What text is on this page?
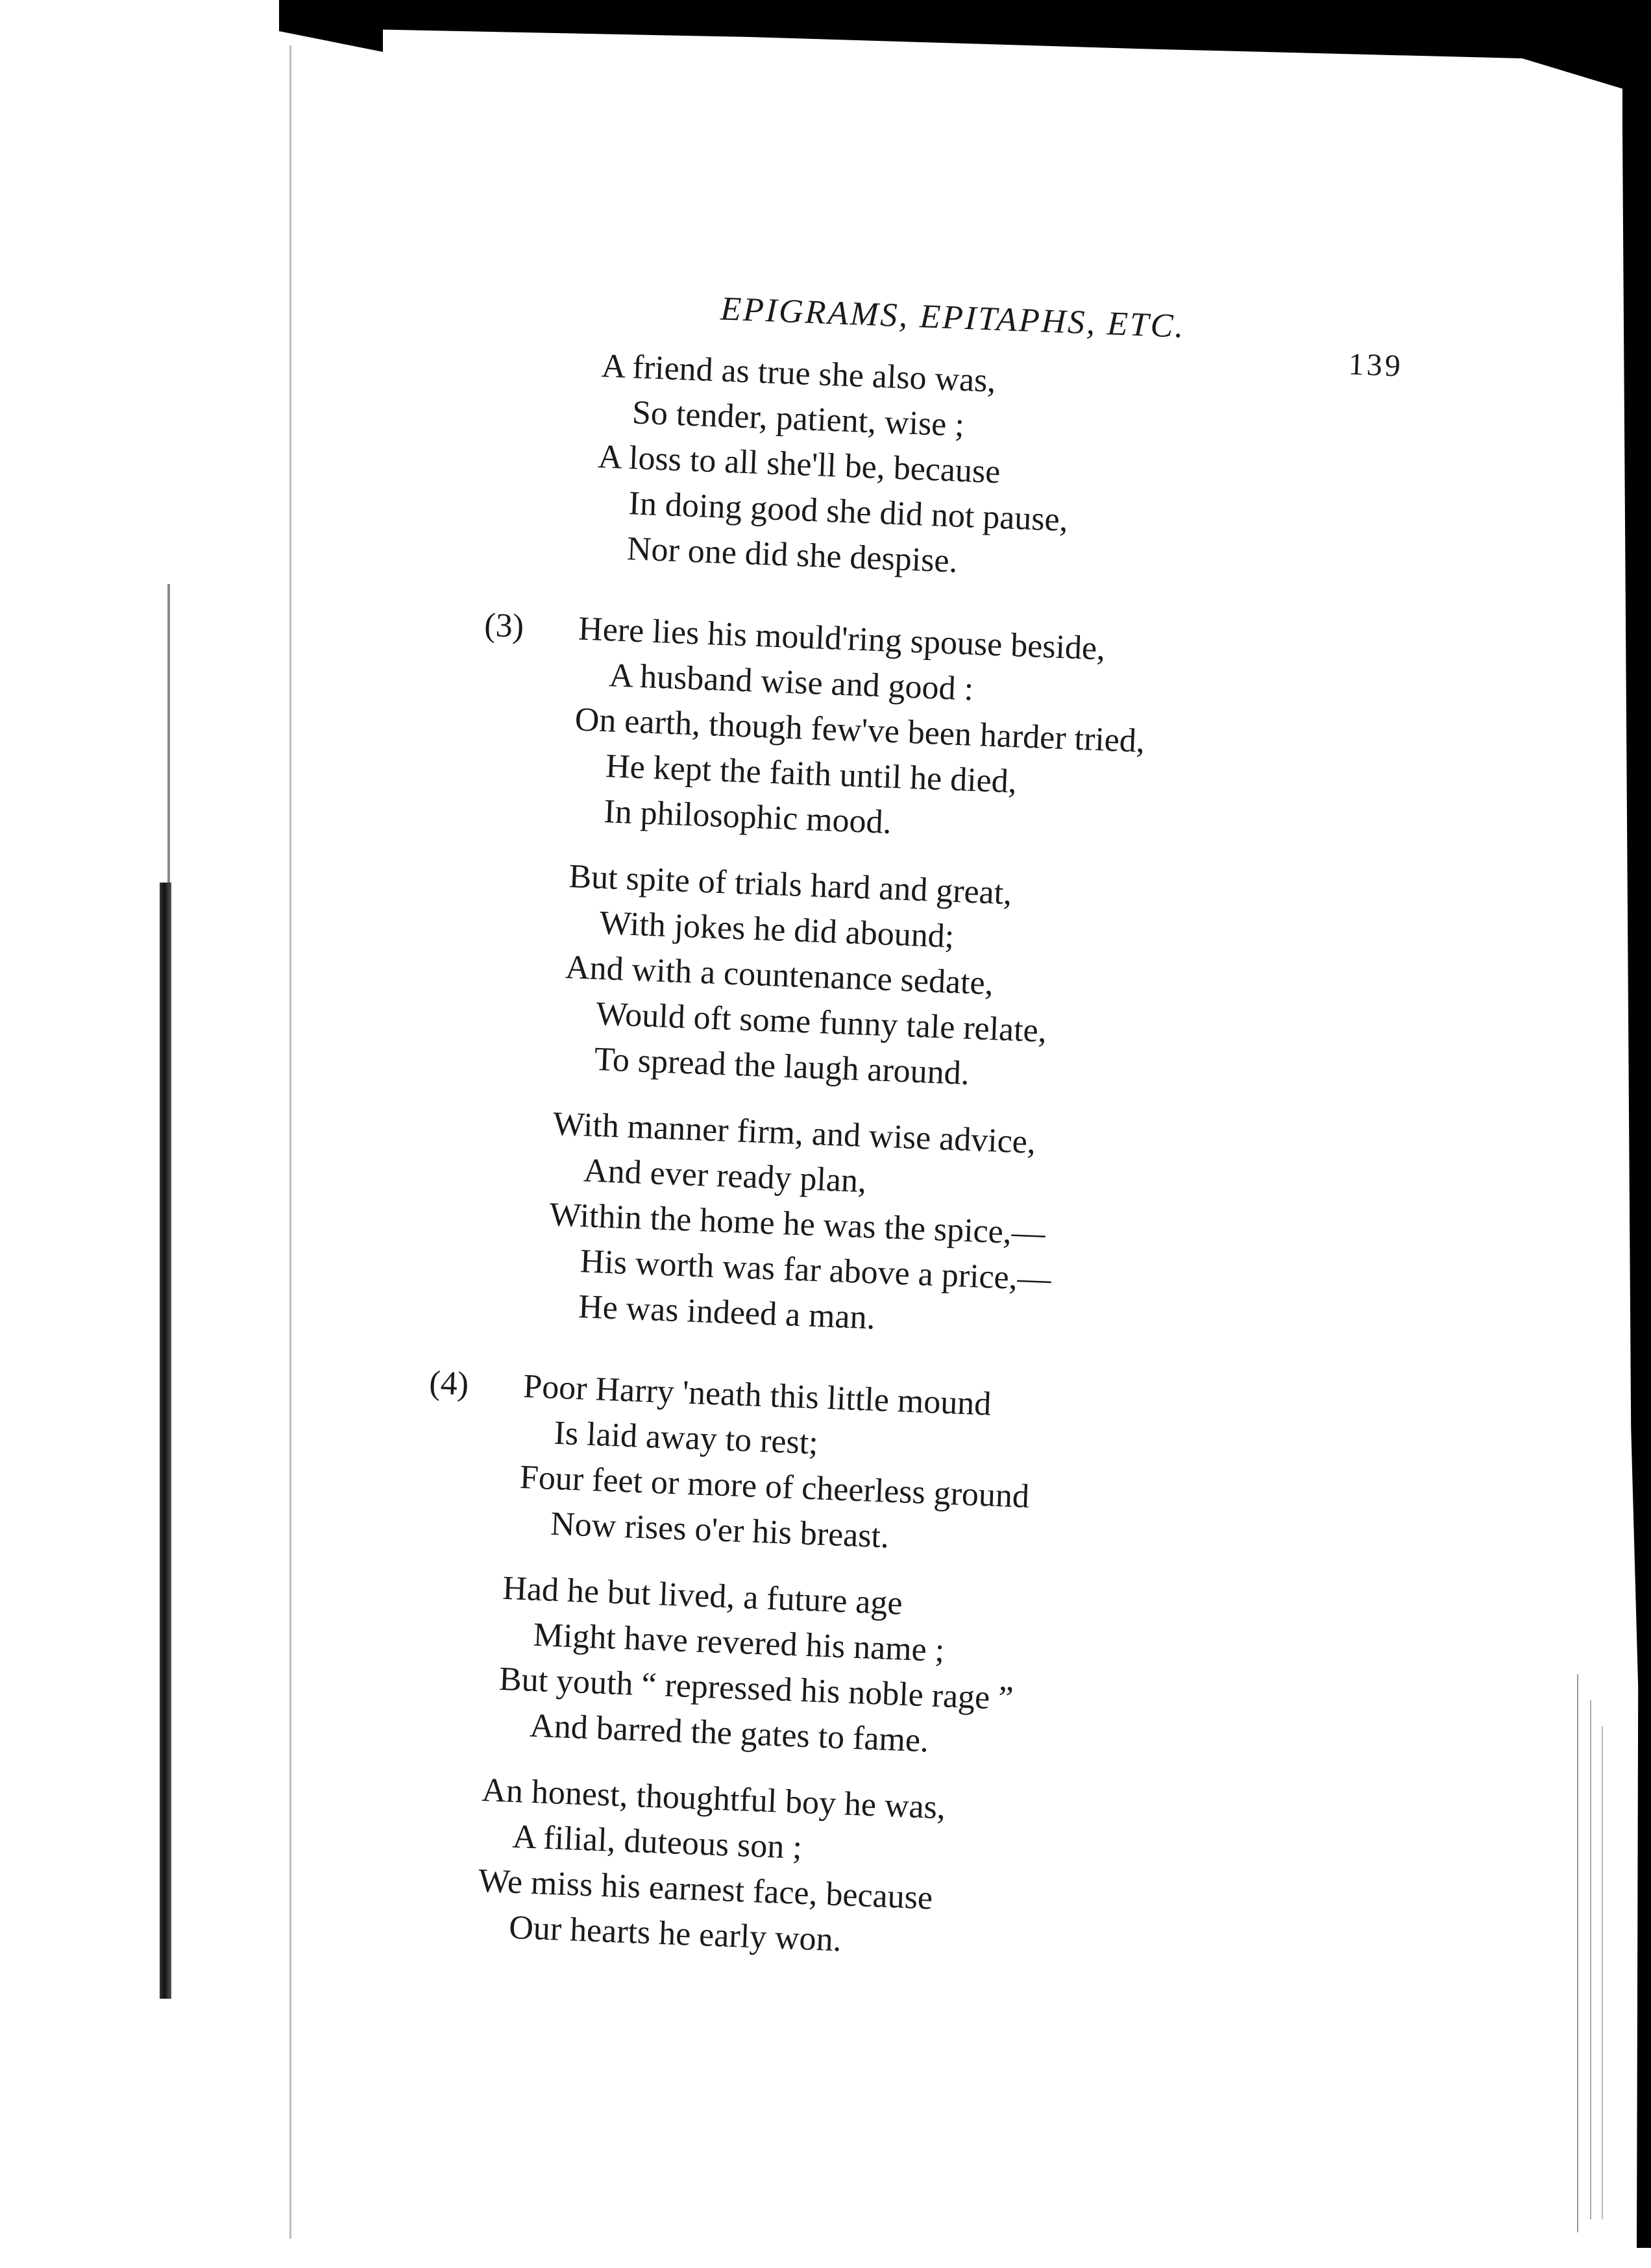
EPIGRAMS, EPITAPHS, ETC.
139
A friend as true she also was,
So tender, patient, wise ;
A loss to all she'll be, because
In doing good she did not pause,
Nor one did she despise.
(3) Here lies his mould'ring spouse beside,
A husband wise and good :
On earth, though few've been harder tried,
He kept the faith until he died,
In philosophic mood.
But spite of trials hard and great,
With jokes he did abound;
And with a countenance sedate,
Would oft some funny tale relate,
To spread the laugh around.
With manner firm, and wise advice,
And ever ready plan,
Within the home he was the spice,—
His worth was far above a price,—
He was indeed a man.
(4) Poor Harry 'neath this little mound
Is laid away to rest;
Four feet or more of cheerless ground
Now rises o'er his breast.
Had he but lived, a future age
Might have revered his name ;
But youth “ repressed his noble rage ”
And barred the gates to fame.
An honest, thoughtful boy he was,
A filial, duteous son ;
We miss his earnest face, because
Our hearts he early won.
